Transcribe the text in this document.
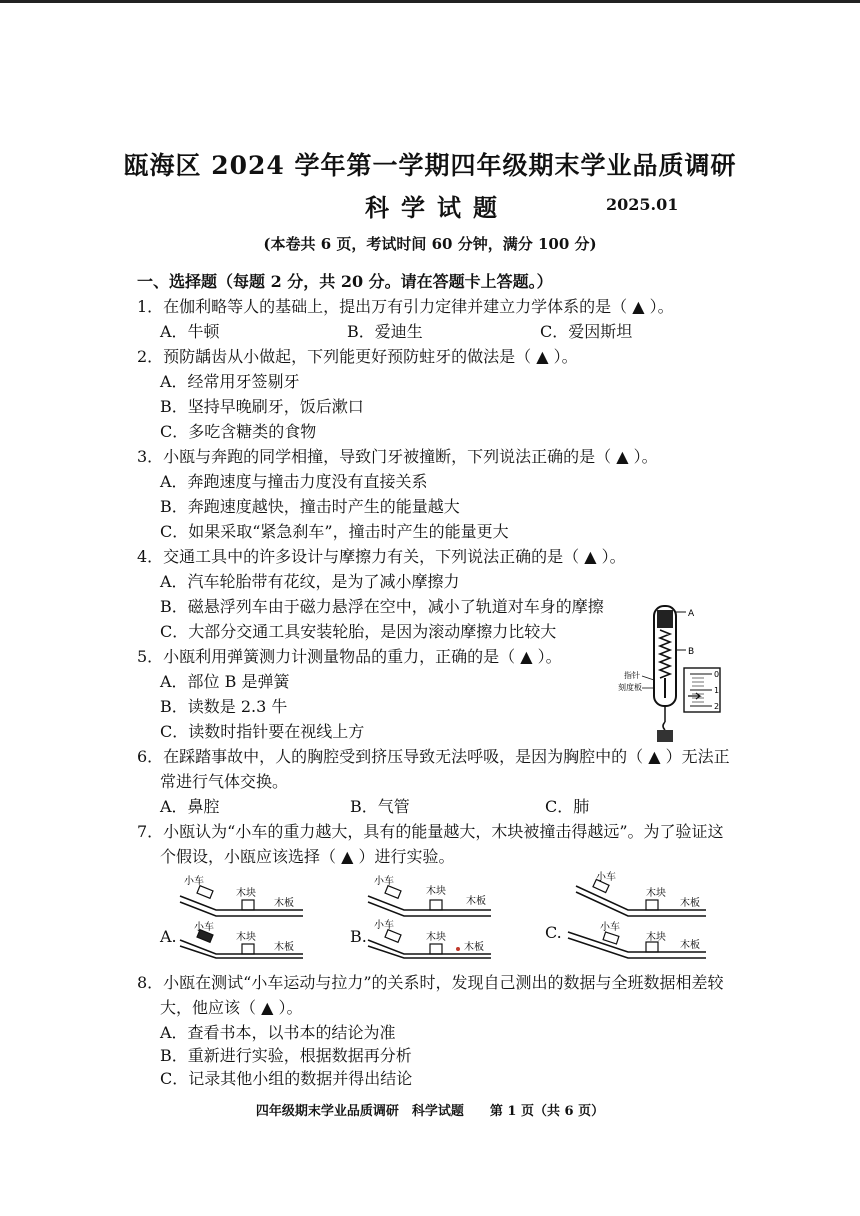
瓯海区 2024 学年第一学期四年级期末学业品质调研
科学试题	2025.01
(本卷共 6 页，考试时间 60 分钟，满分 100 分)
一、选择题（每题 2 分，共 20 分。请在答题卡上答题。）
1．在伽利略等人的基础上，提出万有引力定律并建立力学体系的是（ ▲ ）。
A．牛顿	B．爱迪生	C．爱因斯坦
2．预防龋齿从小做起，下列能更好预防蛀牙的做法是（ ▲ ）。
A．经常用牙签剔牙
B．坚持早晚刷牙，饭后漱口
C．多吃含糖类的食物
3．小瓯与奔跑的同学相撞，导致门牙被撞断，下列说法正确的是（ ▲ ）。
A．奔跑速度与撞击力度没有直接关系
B．奔跑速度越快，撞击时产生的能量越大
C．如果采取“紧急刹车”，撞击时产生的能量更大
4．交通工具中的许多设计与摩擦力有关，下列说法正确的是（ ▲ ）。
A．汽车轮胎带有花纹，是为了减小摩擦力
B．磁悬浮列车由于磁力悬浮在空中，减小了轨道对车身的摩擦
C．大部分交通工具安装轮胎，是因为滚动摩擦力比较大
5．小瓯利用弹簧测力计测量物品的重力，正确的是（ ▲ ）。
A．部位 B 是弹簧
B．读数是 2.3 牛
C．读数时指针要在视线上方
A
B
指针
刻度板
0
1
2
6．在踩踏事故中，人的胸腔受到挤压导致无法呼吸，是因为胸腔中的（ ▲ ）无法正
常进行气体交换。
A．鼻腔	B．气管	C．肺
7．小瓯认为“小车的重力越大，具有的能量越大，木块被撞击得越远”。为了验证这
个假设，小瓯应该选择（ ▲ ）进行实验。
A.
小车
木块
木板
小车
木块
木板
B.
小车
木块
木板
小车
木块
木板
C.
小车
木块
木板
小车
木块
木板
8．小瓯在测试“小车运动与拉力”的关系时，发现自己测出的数据与全班数据相差较
大，他应该（ ▲ ）。
A．查看书本，以书本的结论为准
B．重新进行实验，根据数据再分析
C．记录其他小组的数据并得出结论
四年级期末学业品质调研　科学试题　　第 1 页（共 6 页）
